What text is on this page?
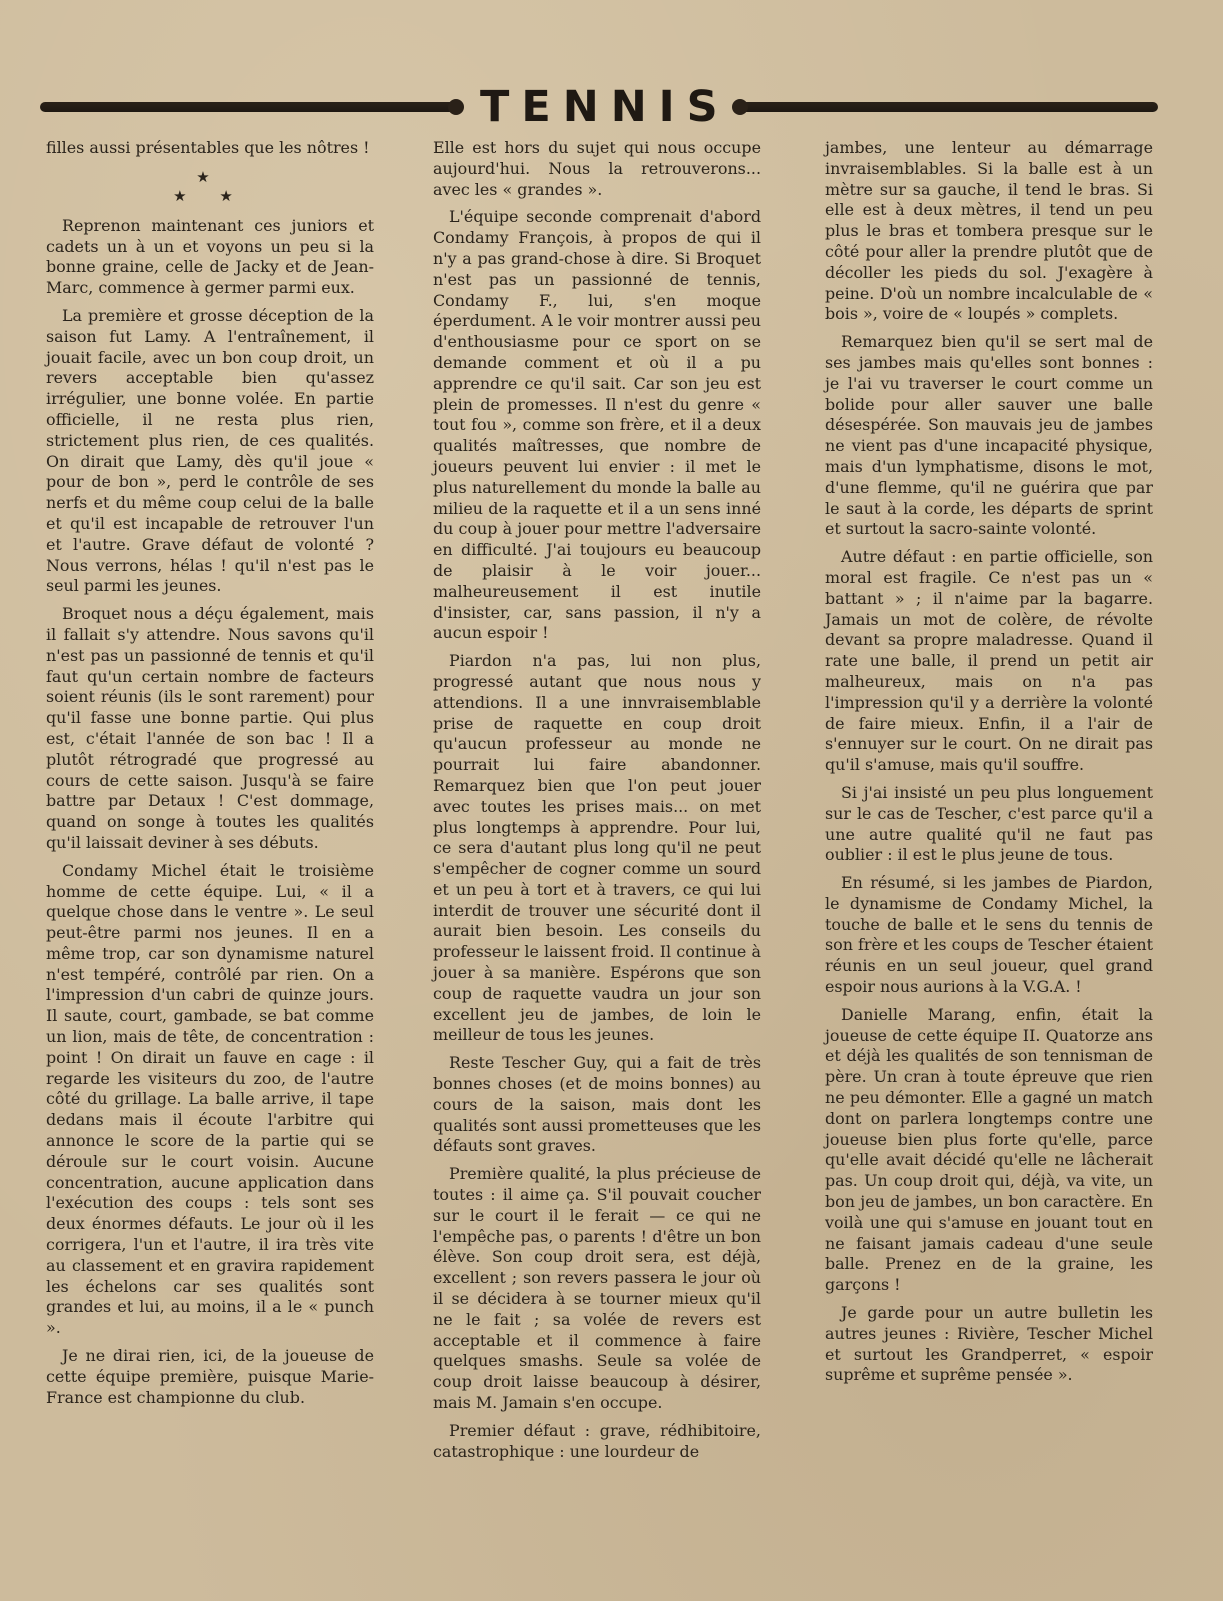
TENNIS

filles aussi présentables que les nôtres !

★
★ ★

Reprenon maintenant ces juniors et cadets un à un et voyons un peu si la bonne graine, celle de Jacky et de Jean-Marc, commence à germer parmi eux.

La première et grosse déception de la saison fut Lamy. A l'entraînement, il jouait facile, avec un bon coup droit, un revers acceptable bien qu'assez irrégulier, une bonne volée. En partie officielle, il ne resta plus rien, strictement plus rien, de ces qualités. On dirait que Lamy, dès qu'il joue « pour de bon », perd le contrôle de ses nerfs et du même coup celui de la balle et qu'il est incapable de retrouver l'un et l'autre. Grave défaut de volonté ? Nous verrons, hélas ! qu'il n'est pas le seul parmi les jeunes.

Broquet nous a déçu également, mais il fallait s'y attendre. Nous savons qu'il n'est pas un passionné de tennis et qu'il faut qu'un certain nombre de facteurs soient réunis (ils le sont rarement) pour qu'il fasse une bonne partie. Qui plus est, c'était l'année de son bac ! Il a plutôt rétrogradé que progressé au cours de cette saison. Jusqu'à se faire battre par Detaux ! C'est dommage, quand on songe à toutes les qualités qu'il laissait deviner à ses débuts.

Condamy Michel était le troisième homme de cette équipe. Lui, « il a quelque chose dans le ventre ». Le seul peut-être parmi nos jeunes. Il en a même trop, car son dynamisme naturel n'est tempéré, contrôlé par rien. On a l'impression d'un cabri de quinze jours. Il saute, court, gambade, se bat comme un lion, mais de tête, de concentration : point ! On dirait un fauve en cage : il regarde les visiteurs du zoo, de l'autre côté du grillage. La balle arrive, il tape dedans mais il écoute l'arbitre qui annonce le score de la partie qui se déroule sur le court voisin. Aucune concentration, aucune application dans l'exécution des coups : tels sont ses deux énormes défauts. Le jour où il les corrigera, l'un et l'autre, il ira très vite au classement et en gravira rapidement les échelons car ses qualités sont grandes et lui, au moins, il a le « punch ».

Je ne dirai rien, ici, de la joueuse de cette équipe première, puisque Marie-France est championne du club.

Elle est hors du sujet qui nous occupe aujourd'hui. Nous la retrouverons... avec les « grandes ».

L'équipe seconde comprenait d'abord Condamy François, à propos de qui il n'y a pas grand-chose à dire. Si Broquet n'est pas un passionné de tennis, Condamy F., lui, s'en moque éperdument. A le voir montrer aussi peu d'enthousiasme pour ce sport on se demande comment et où il a pu apprendre ce qu'il sait. Car son jeu est plein de promesses. Il n'est du genre « tout fou », comme son frère, et il a deux qualités maîtresses, que nombre de joueurs peuvent lui envier : il met le plus naturellement du monde la balle au milieu de la raquette et il a un sens inné du coup à jouer pour mettre l'adversaire en difficulté. J'ai toujours eu beaucoup de plaisir à le voir jouer... malheureusement il est inutile d'insister, car, sans passion, il n'y a aucun espoir !

Piardon n'a pas, lui non plus, progressé autant que nous nous y attendions. Il a une innvraisemblable prise de raquette en coup droit qu'aucun professeur au monde ne pourrait lui faire abandonner. Remarquez bien que l'on peut jouer avec toutes les prises mais... on met plus longtemps à apprendre. Pour lui, ce sera d'autant plus long qu'il ne peut s'empêcher de cogner comme un sourd et un peu à tort et à travers, ce qui lui interdit de trouver une sécurité dont il aurait bien besoin. Les conseils du professeur le laissent froid. Il continue à jouer à sa manière. Espérons que son coup de raquette vaudra un jour son excellent jeu de jambes, de loin le meilleur de tous les jeunes.

Reste Tescher Guy, qui a fait de très bonnes choses (et de moins bonnes) au cours de la saison, mais dont les qualités sont aussi prometteuses que les défauts sont graves.

Première qualité, la plus précieuse de toutes : il aime ça. S'il pouvait coucher sur le court il le ferait — ce qui ne l'empêche pas, o parents ! d'être un bon élève. Son coup droit sera, est déjà, excellent ; son revers passera le jour où il se décidera à se tourner mieux qu'il ne le fait ; sa volée de revers est acceptable et il commence à faire quelques smashs. Seule sa volée de coup droit laisse beaucoup à désirer, mais M. Jamain s'en occupe.

Premier défaut : grave, rédhibitoire, catastrophique : une lourdeur de

jambes, une lenteur au démarrage invraisemblables. Si la balle est à un mètre sur sa gauche, il tend le bras. Si elle est à deux mètres, il tend un peu plus le bras et tombera presque sur le côté pour aller la prendre plutôt que de décoller les pieds du sol. J'exagère à peine. D'où un nombre incalculable de « bois », voire de « loupés » complets.

Remarquez bien qu'il se sert mal de ses jambes mais qu'elles sont bonnes : je l'ai vu traverser le court comme un bolide pour aller sauver une balle désespérée. Son mauvais jeu de jambes ne vient pas d'une incapacité physique, mais d'un lymphatisme, disons le mot, d'une flemme, qu'il ne guérira que par le saut à la corde, les départs de sprint et surtout la sacro-sainte volonté.

Autre défaut : en partie officielle, son moral est fragile. Ce n'est pas un « battant » ; il n'aime par la bagarre. Jamais un mot de colère, de révolte devant sa propre maladresse. Quand il rate une balle, il prend un petit air malheureux, mais on n'a pas l'impression qu'il y a derrière la volonté de faire mieux. Enfin, il a l'air de s'ennuyer sur le court. On ne dirait pas qu'il s'amuse, mais qu'il souffre.

Si j'ai insisté un peu plus longuement sur le cas de Tescher, c'est parce qu'il a une autre qualité qu'il ne faut pas oublier : il est le plus jeune de tous.

En résumé, si les jambes de Piardon, le dynamisme de Condamy Michel, la touche de balle et le sens du tennis de son frère et les coups de Tescher étaient réunis en un seul joueur, quel grand espoir nous aurions à la V.G.A. !

Danielle Marang, enfin, était la joueuse de cette équipe II. Quatorze ans et déjà les qualités de son tennisman de père. Un cran à toute épreuve que rien ne peu démonter. Elle a gagné un match dont on parlera longtemps contre une joueuse bien plus forte qu'elle, parce qu'elle avait décidé qu'elle ne lâcherait pas. Un coup droit qui, déjà, va vite, un bon jeu de jambes, un bon caractère. En voilà une qui s'amuse en jouant tout en ne faisant jamais cadeau d'une seule balle. Prenez en de la graine, les garçons !

Je garde pour un autre bulletin les autres jeunes : Rivière, Tescher Michel et surtout les Grandperret, « espoir suprême et suprême pensée ».
